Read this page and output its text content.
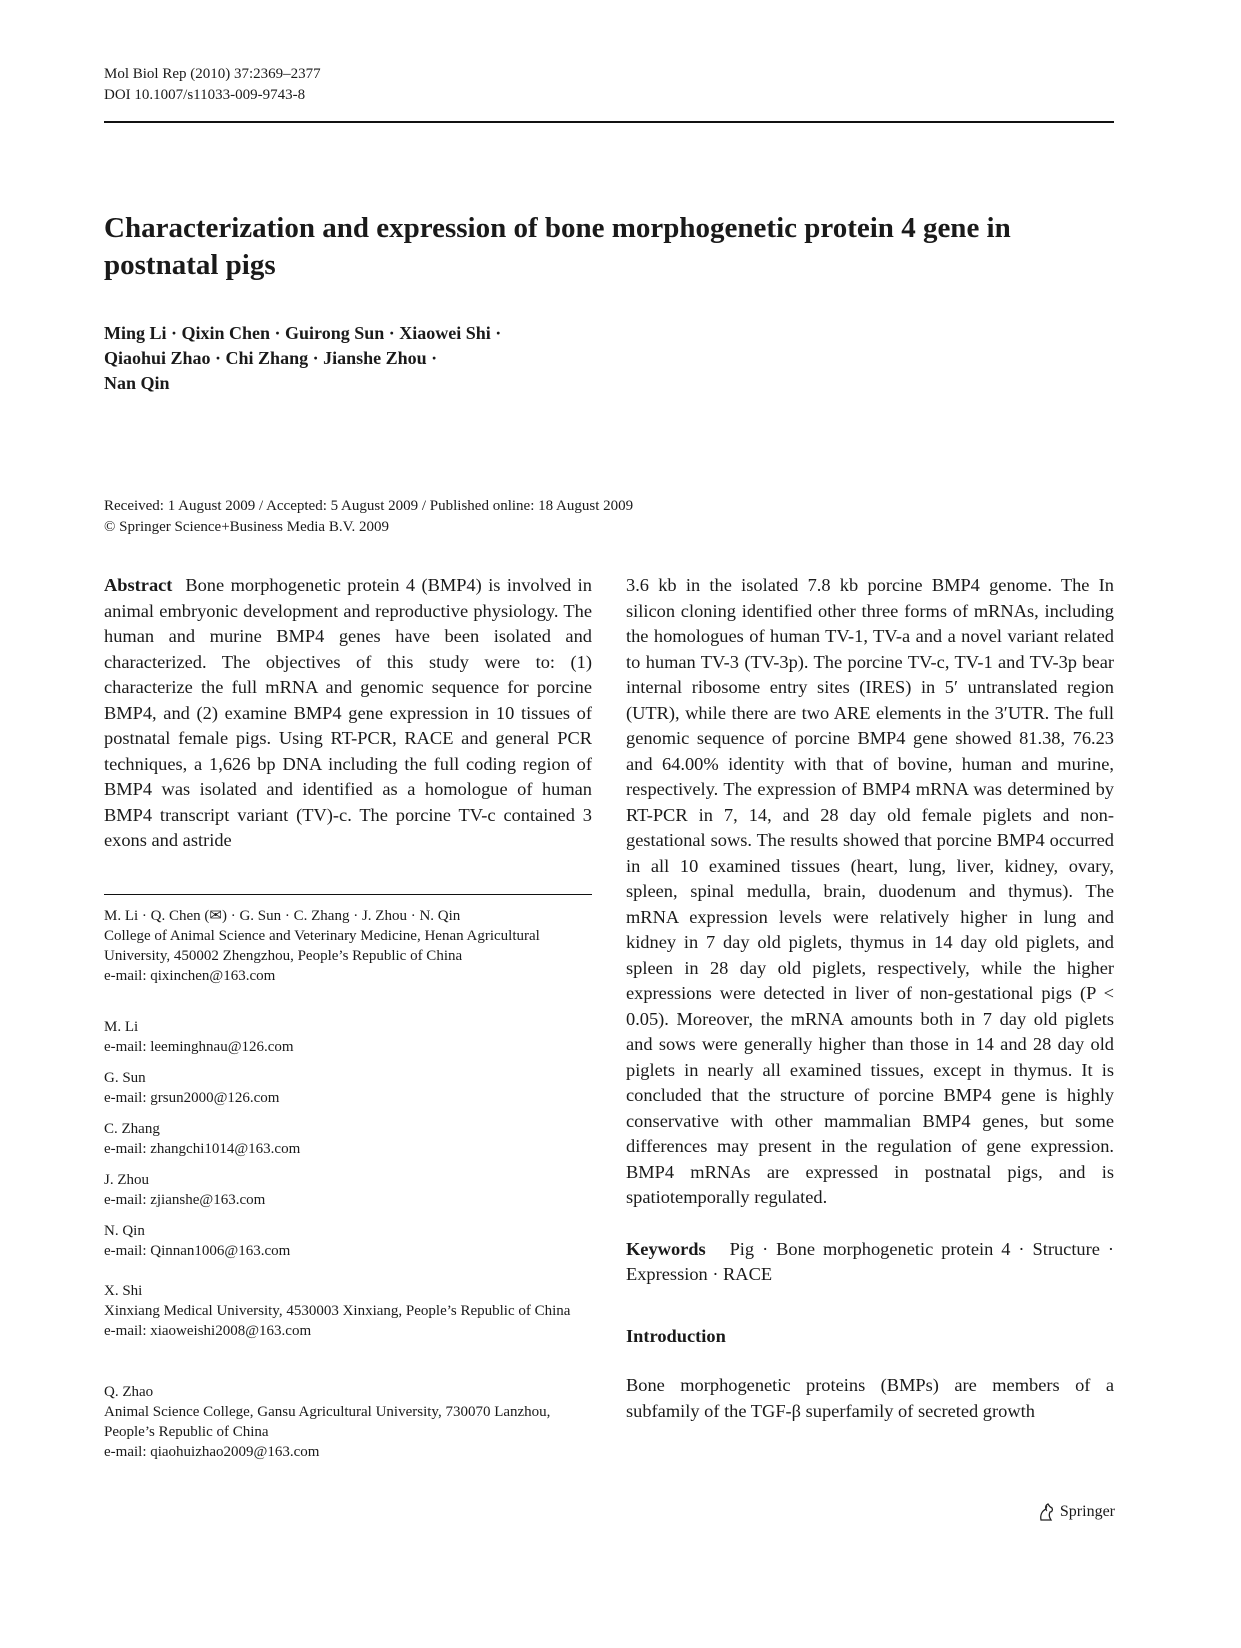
Mol Biol Rep (2010) 37:2369–2377
DOI 10.1007/s11033-009-9743-8
Characterization and expression of bone morphogenetic protein 4 gene in postnatal pigs
Ming Li · Qixin Chen · Guirong Sun · Xiaowei Shi ·
Qiaohui Zhao · Chi Zhang · Jianshe Zhou ·
Nan Qin
Received: 1 August 2009 / Accepted: 5 August 2009 / Published online: 18 August 2009
© Springer Science+Business Media B.V. 2009

Abstract Bone morphogenetic protein 4 (BMP4) is involved in animal embryonic development and reproductive physiology. The human and murine BMP4 genes have been isolated and characterized. The objectives of this study were to: (1) characterize the full mRNA and genomic sequence for porcine BMP4, and (2) examine BMP4 gene expression in 10 tissues of postnatal female pigs. Using RT-PCR, RACE and general PCR techniques, a 1,626 bp DNA including the full coding region of BMP4 was isolated and identified as a homologue of human BMP4 transcript variant (TV)-c. The porcine TV-c contained 3 exons and astride

M. Li · Q. Chen (✉) · G. Sun · C. Zhang · J. Zhou · N. Qin
College of Animal Science and Veterinary Medicine, Henan Agricultural University, 450002 Zhengzhou, People’s Republic of China
e-mail: qixinchen@163.com
M. Li
e-mail: leeminghnau@126.com
G. Sun
e-mail: grsun2000@126.com
C. Zhang
e-mail: zhangchi1014@163.com
J. Zhou
e-mail: zjianshe@163.com
N. Qin
e-mail: Qinnan1006@163.com
X. Shi
Xinxiang Medical University, 4530003 Xinxiang, People’s Republic of China
e-mail: xiaoweishi2008@163.com
Q. Zhao
Animal Science College, Gansu Agricultural University, 730070 Lanzhou, People’s Republic of China
e-mail: qiaohuizhao2009@163.com

3.6 kb in the isolated 7.8 kb porcine BMP4 genome. The In silicon cloning identified other three forms of mRNAs, including the homologues of human TV-1, TV-a and a novel variant related to human TV-3 (TV-3p). The porcine TV-c, TV-1 and TV-3p bear internal ribosome entry sites (IRES) in 5′ untranslated region (UTR), while there are two ARE elements in the 3′UTR. The full genomic sequence of porcine BMP4 gene showed 81.38, 76.23 and 64.00% identity with that of bovine, human and murine, respectively. The expression of BMP4 mRNA was determined by RT-PCR in 7, 14, and 28 day old female piglets and non-gestational sows. The results showed that porcine BMP4 occurred in all 10 examined tissues (heart, lung, liver, kidney, ovary, spleen, spinal medulla, brain, duodenum and thymus). The mRNA expression levels were relatively higher in lung and kidney in 7 day old piglets, thymus in 14 day old piglets, and spleen in 28 day old piglets, respectively, while the higher expressions were detected in liver of non-gestational pigs (P < 0.05). Moreover, the mRNA amounts both in 7 day old piglets and sows were generally higher than those in 14 and 28 day old piglets in nearly all examined tissues, except in thymus. It is concluded that the structure of porcine BMP4 gene is highly conservative with other mammalian BMP4 genes, but some differences may present in the regulation of gene expression. BMP4 mRNAs are expressed in postnatal pigs, and is spatiotemporally regulated.

Keywords Pig · Bone morphogenetic protein 4 · Structure · Expression · RACE

Introduction

Bone morphogenetic proteins (BMPs) are members of a subfamily of the TGF-β superfamily of secreted growth

Springer
